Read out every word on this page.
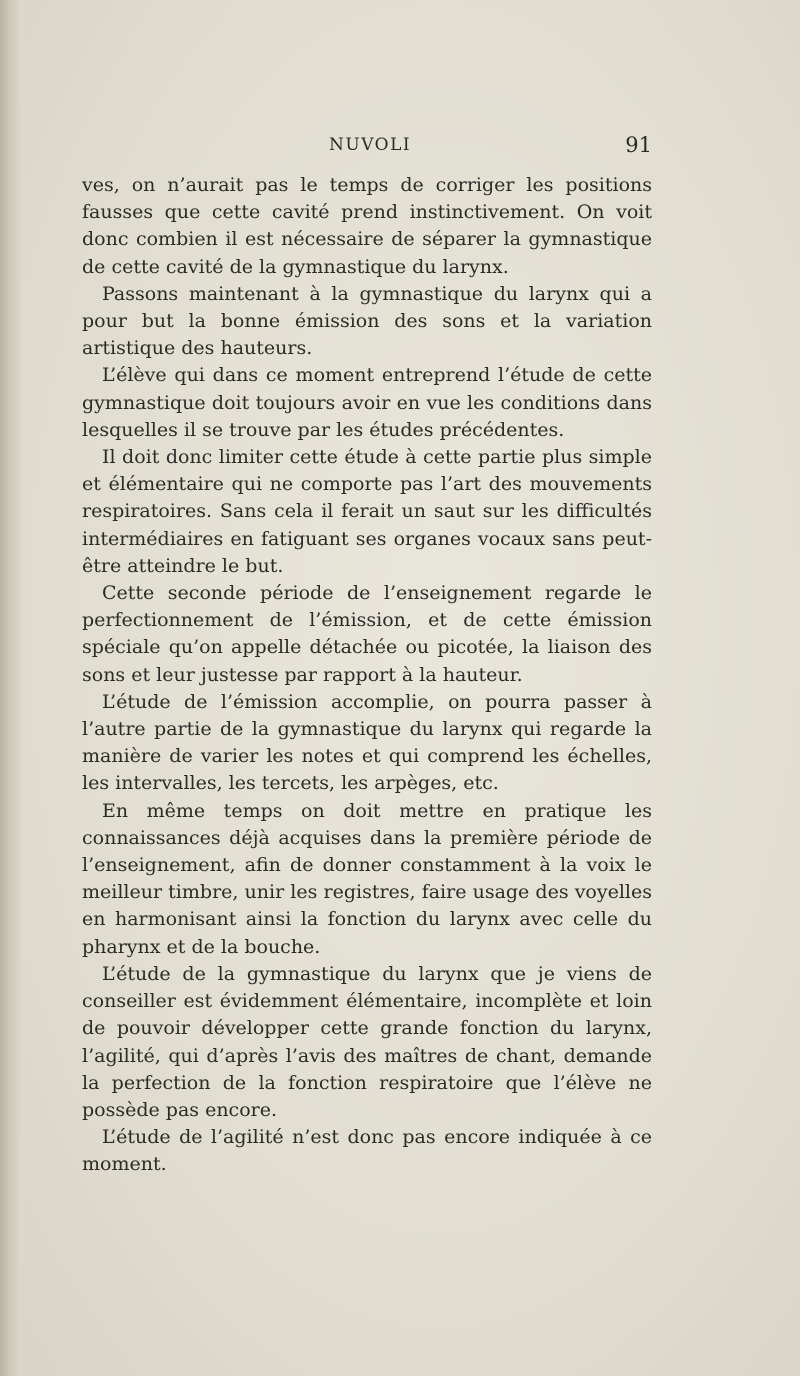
NUVOLI	91

ves, on n’aurait pas le temps de corriger les positions fausses que cette cavité prend instinctivement. On voit donc combien il est nécessaire de séparer la gymnastique de cette cavité de la gymnastique du larynx.

Passons maintenant à la gymnastique du larynx qui a pour but la bonne émission des sons et la variation artistique des hauteurs.

L’élève qui dans ce moment entreprend l’étude de cette gymnastique doit toujours avoir en vue les conditions dans lesquelles il se trouve par les études précédentes.

Il doit donc limiter cette étude à cette partie plus simple et élémentaire qui ne comporte pas l’art des mouvements respiratoires. Sans cela il ferait un saut sur les difficultés intermédiaires en fatiguant ses organes vocaux sans peut-être atteindre le but.

Cette seconde période de l’enseignement regarde le perfectionnement de l’émission, et de cette émission spéciale qu’on appelle détachée ou picotée, la liaison des sons et leur justesse par rapport à la hauteur.

L’étude de l’émission accomplie, on pourra passer à l’autre partie de la gymnastique du larynx qui regarde la manière de varier les notes et qui comprend les échelles, les intervalles, les tercets, les arpèges, etc.

En même temps on doit mettre en pratique les connaissances déjà acquises dans la première période de l’enseignement, afin de donner constamment à la voix le meilleur timbre, unir les registres, faire usage des voyelles en harmonisant ainsi la fonction du larynx avec celle du pharynx et de la bouche.

L’étude de la gymnastique du larynx que je viens de conseiller est évidemment élémentaire, incomplète et loin de pouvoir développer cette grande fonction du larynx, l’agilité, qui d’après l’avis des maîtres de chant, demande la perfection de la fonction respiratoire que l’élève ne possède pas encore.

L’étude de l’agilité n’est donc pas encore indiquée à ce moment.
